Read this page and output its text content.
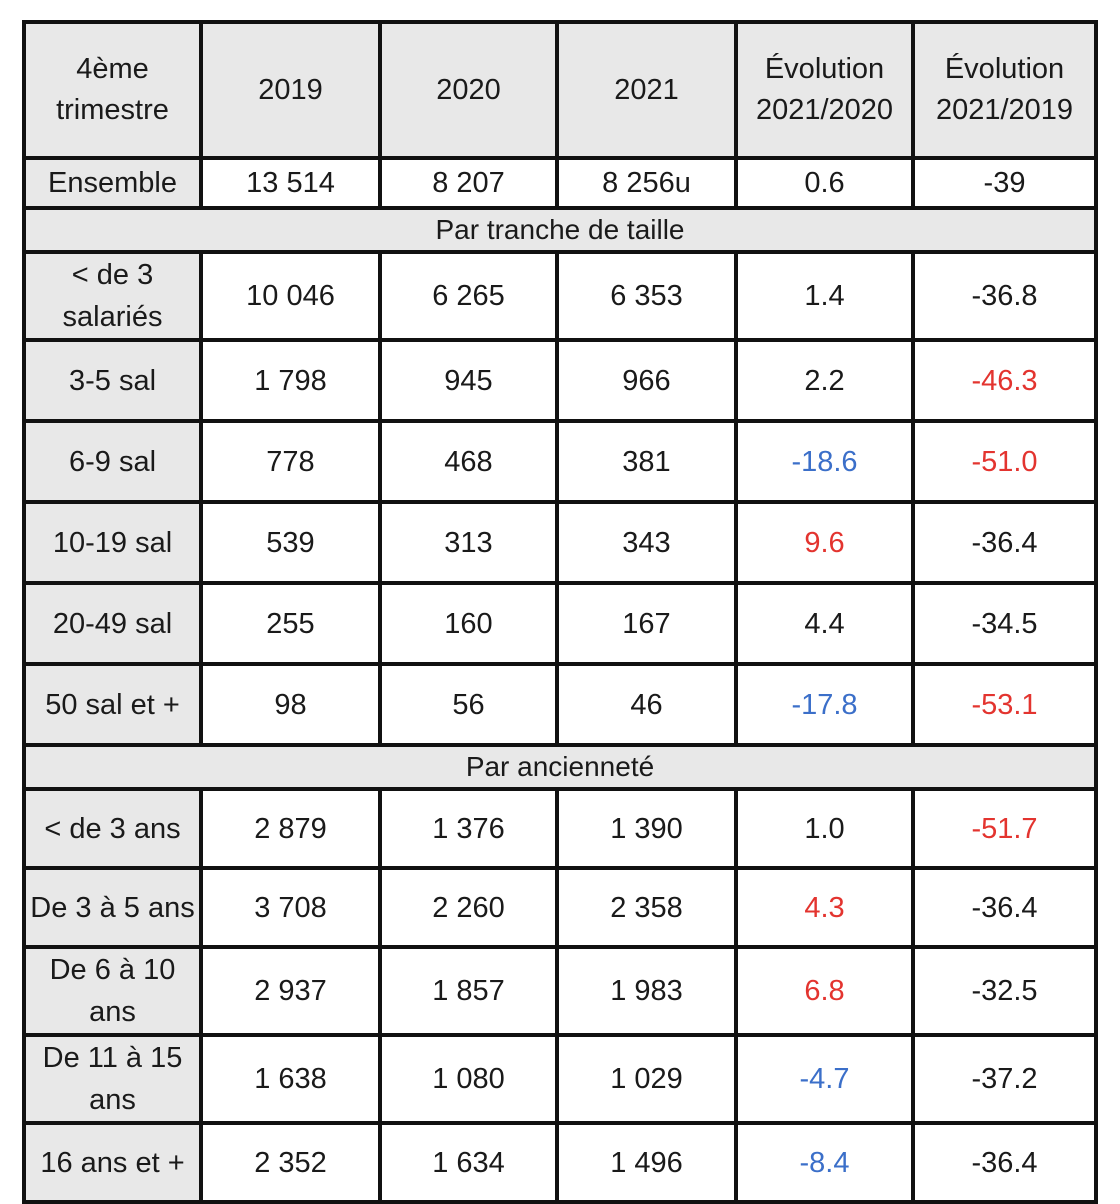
4ème trimestre	2019	2020	2021	Évolution 2021/2020	Évolution 2021/2019
Ensemble	13 514	8 207	8 256u	0.6	-39
Par tranche de taille					
< de 3 salariés	10 046	6 265	6 353	1.4	-36.8
3-5 sal	1 798	945	966	2.2	-46.3
6-9 sal	778	468	381	-18.6	-51.0
10-19 sal	539	313	343	9.6	-36.4
20-49 sal	255	160	167	4.4	-34.5
50 sal et +	98	56	46	-17.8	-53.1
Par ancienneté					
< de 3 ans	2 879	1 376	1 390	1.0	-51.7
De 3 à 5 ans	3 708	2 260	2 358	4.3	-36.4
De 6 à 10 ans	2 937	1 857	1 983	6.8	-32.5
De 11 à 15 ans	1 638	1 080	1 029	-4.7	-37.2
16 ans et +	2 352	1 634	1 496	-8.4	-36.4
